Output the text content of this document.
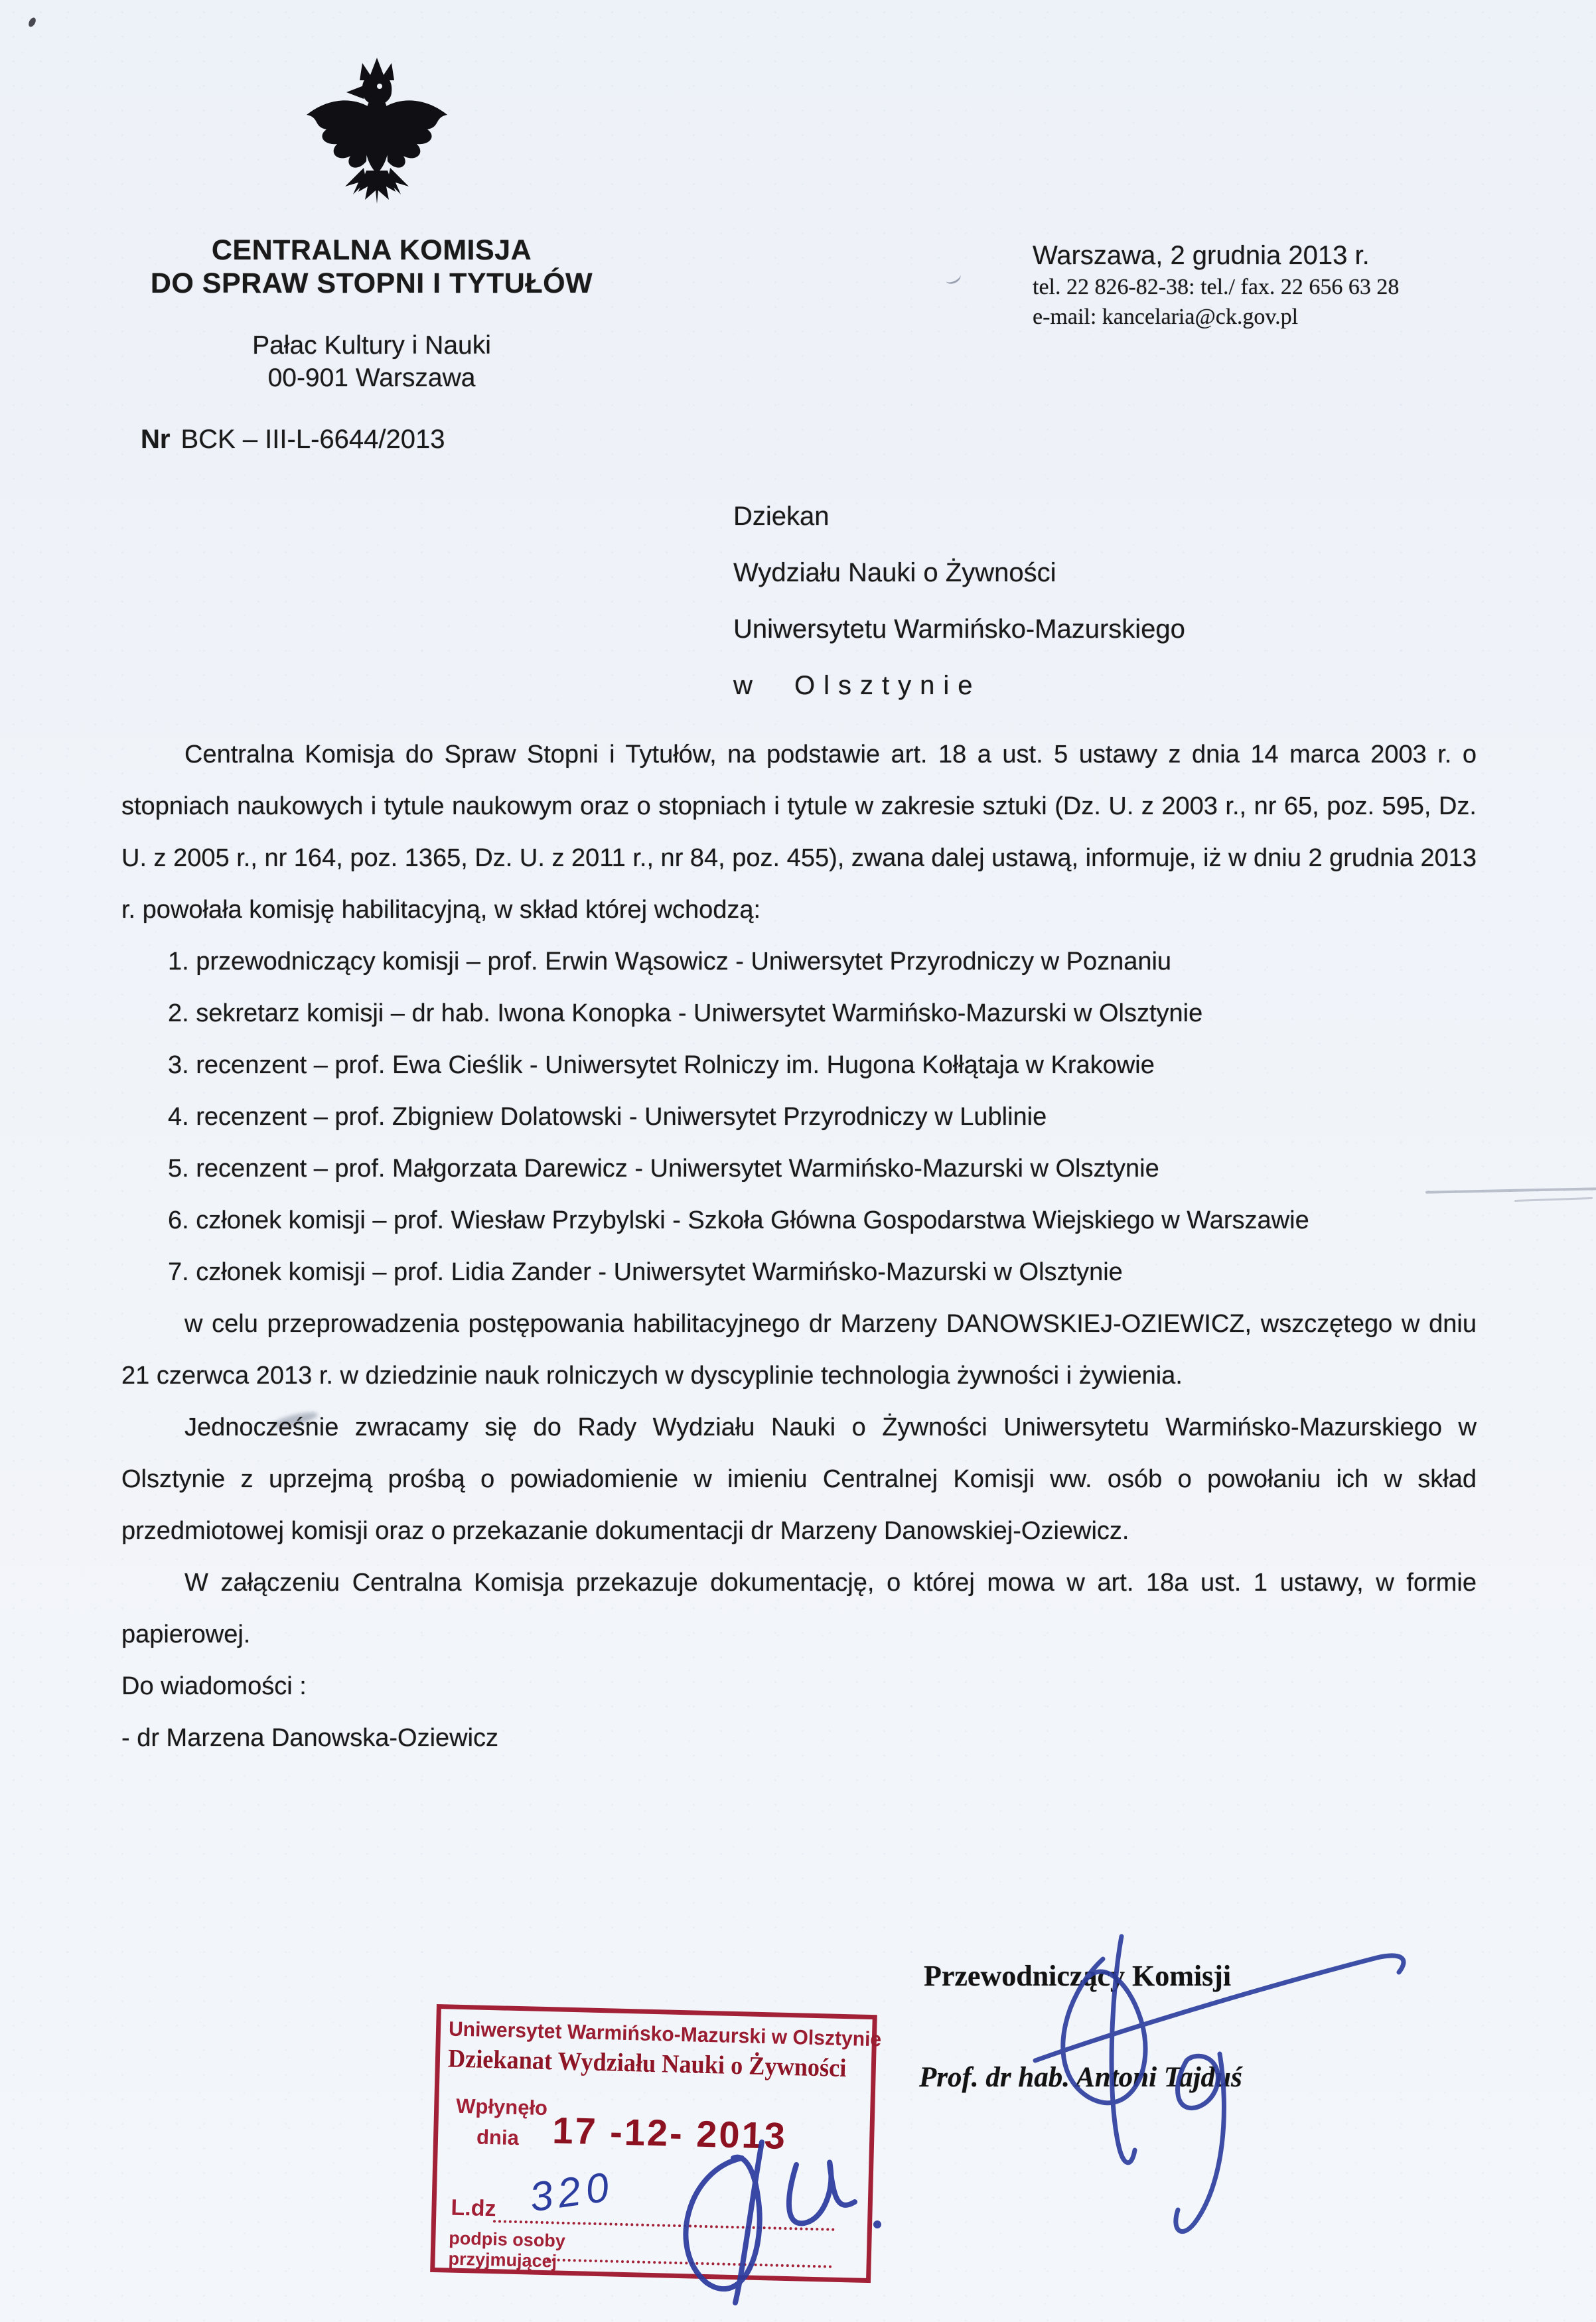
CENTRALNA KOMISJA
DO SPRAW STOPNI I TYTUŁÓW
Pałac Kultury i Nauki
00-901 Warszawa
Nr BCK – III-L-6644/2013
Warszawa, 2 grudnia 2013 r.
tel. 22 826-82-38: tel./ fax. 22 656 63 28
e-mail: kancelaria@ck.gov.pl
Dziekan
Wydziału Nauki o Żywności
Uniwersytetu Warmińsko-Mazurskiego
w Olsztynie

Centralna Komisja do Spraw Stopni i Tytułów, na podstawie art. 18 a ust. 5 ustawy z dnia 14 marca 2003 r. o stopniach naukowych i tytule naukowym oraz o stopniach i tytule w zakresie sztuki (Dz. U. z 2003 r., nr 65, poz. 595, Dz. U. z 2005 r., nr 164, poz. 1365, Dz. U. z 2011 r., nr 84, poz. 455), zwana dalej ustawą, informuje, iż w dniu 2 grudnia 2013 r. powołała komisję habilitacyjną, w skład której wchodzą:

1. przewodniczący komisji – prof. Erwin Wąsowicz - Uniwersytet Przyrodniczy w Poznaniu
2. sekretarz komisji – dr hab. Iwona Konopka - Uniwersytet Warmińsko-Mazurski w Olsztynie
3. recenzent – prof. Ewa Cieślik - Uniwersytet Rolniczy im. Hugona Kołłątaja w Krakowie
4. recenzent – prof. Zbigniew Dolatowski - Uniwersytet Przyrodniczy w Lublinie
5. recenzent – prof. Małgorzata Darewicz - Uniwersytet Warmińsko-Mazurski w Olsztynie
6. członek komisji – prof. Wiesław Przybylski - Szkoła Główna Gospodarstwa Wiejskiego w Warszawie
7. członek komisji – prof. Lidia Zander - Uniwersytet Warmińsko-Mazurski w Olsztynie

w celu przeprowadzenia postępowania habilitacyjnego dr Marzeny DANOWSKIEJ-OZIEWICZ, wszczętego w dniu 21 czerwca 2013 r. w dziedzinie nauk rolniczych w dyscyplinie technologia żywności i żywienia.

Jednocześnie zwracamy się do Rady Wydziału Nauki o Żywności Uniwersytetu Warmińsko-Mazurskiego w Olsztynie z uprzejmą prośbą o powiadomienie w imieniu Centralnej Komisji ww. osób o powołaniu ich w skład przedmiotowej komisji oraz o przekazanie dokumentacji dr Marzeny Danowskiej-Oziewicz.

W załączeniu Centralna Komisja przekazuje dokumentację, o której mowa w art. 18a ust. 1 ustawy, w formie papierowej.

Do wiadomości :

- dr Marzena Danowska-Oziewicz

Przewodniczący Komisji
Prof. dr hab. Antoni Tajduś
Uniwersytet Warmińsko-Mazurski w Olsztynie
Dziekanat Wydziału Nauki o Żywności
Wpłynęło
dnia 17 -12- 2013
L.dz
podpis osoby
przyjmującej
320
